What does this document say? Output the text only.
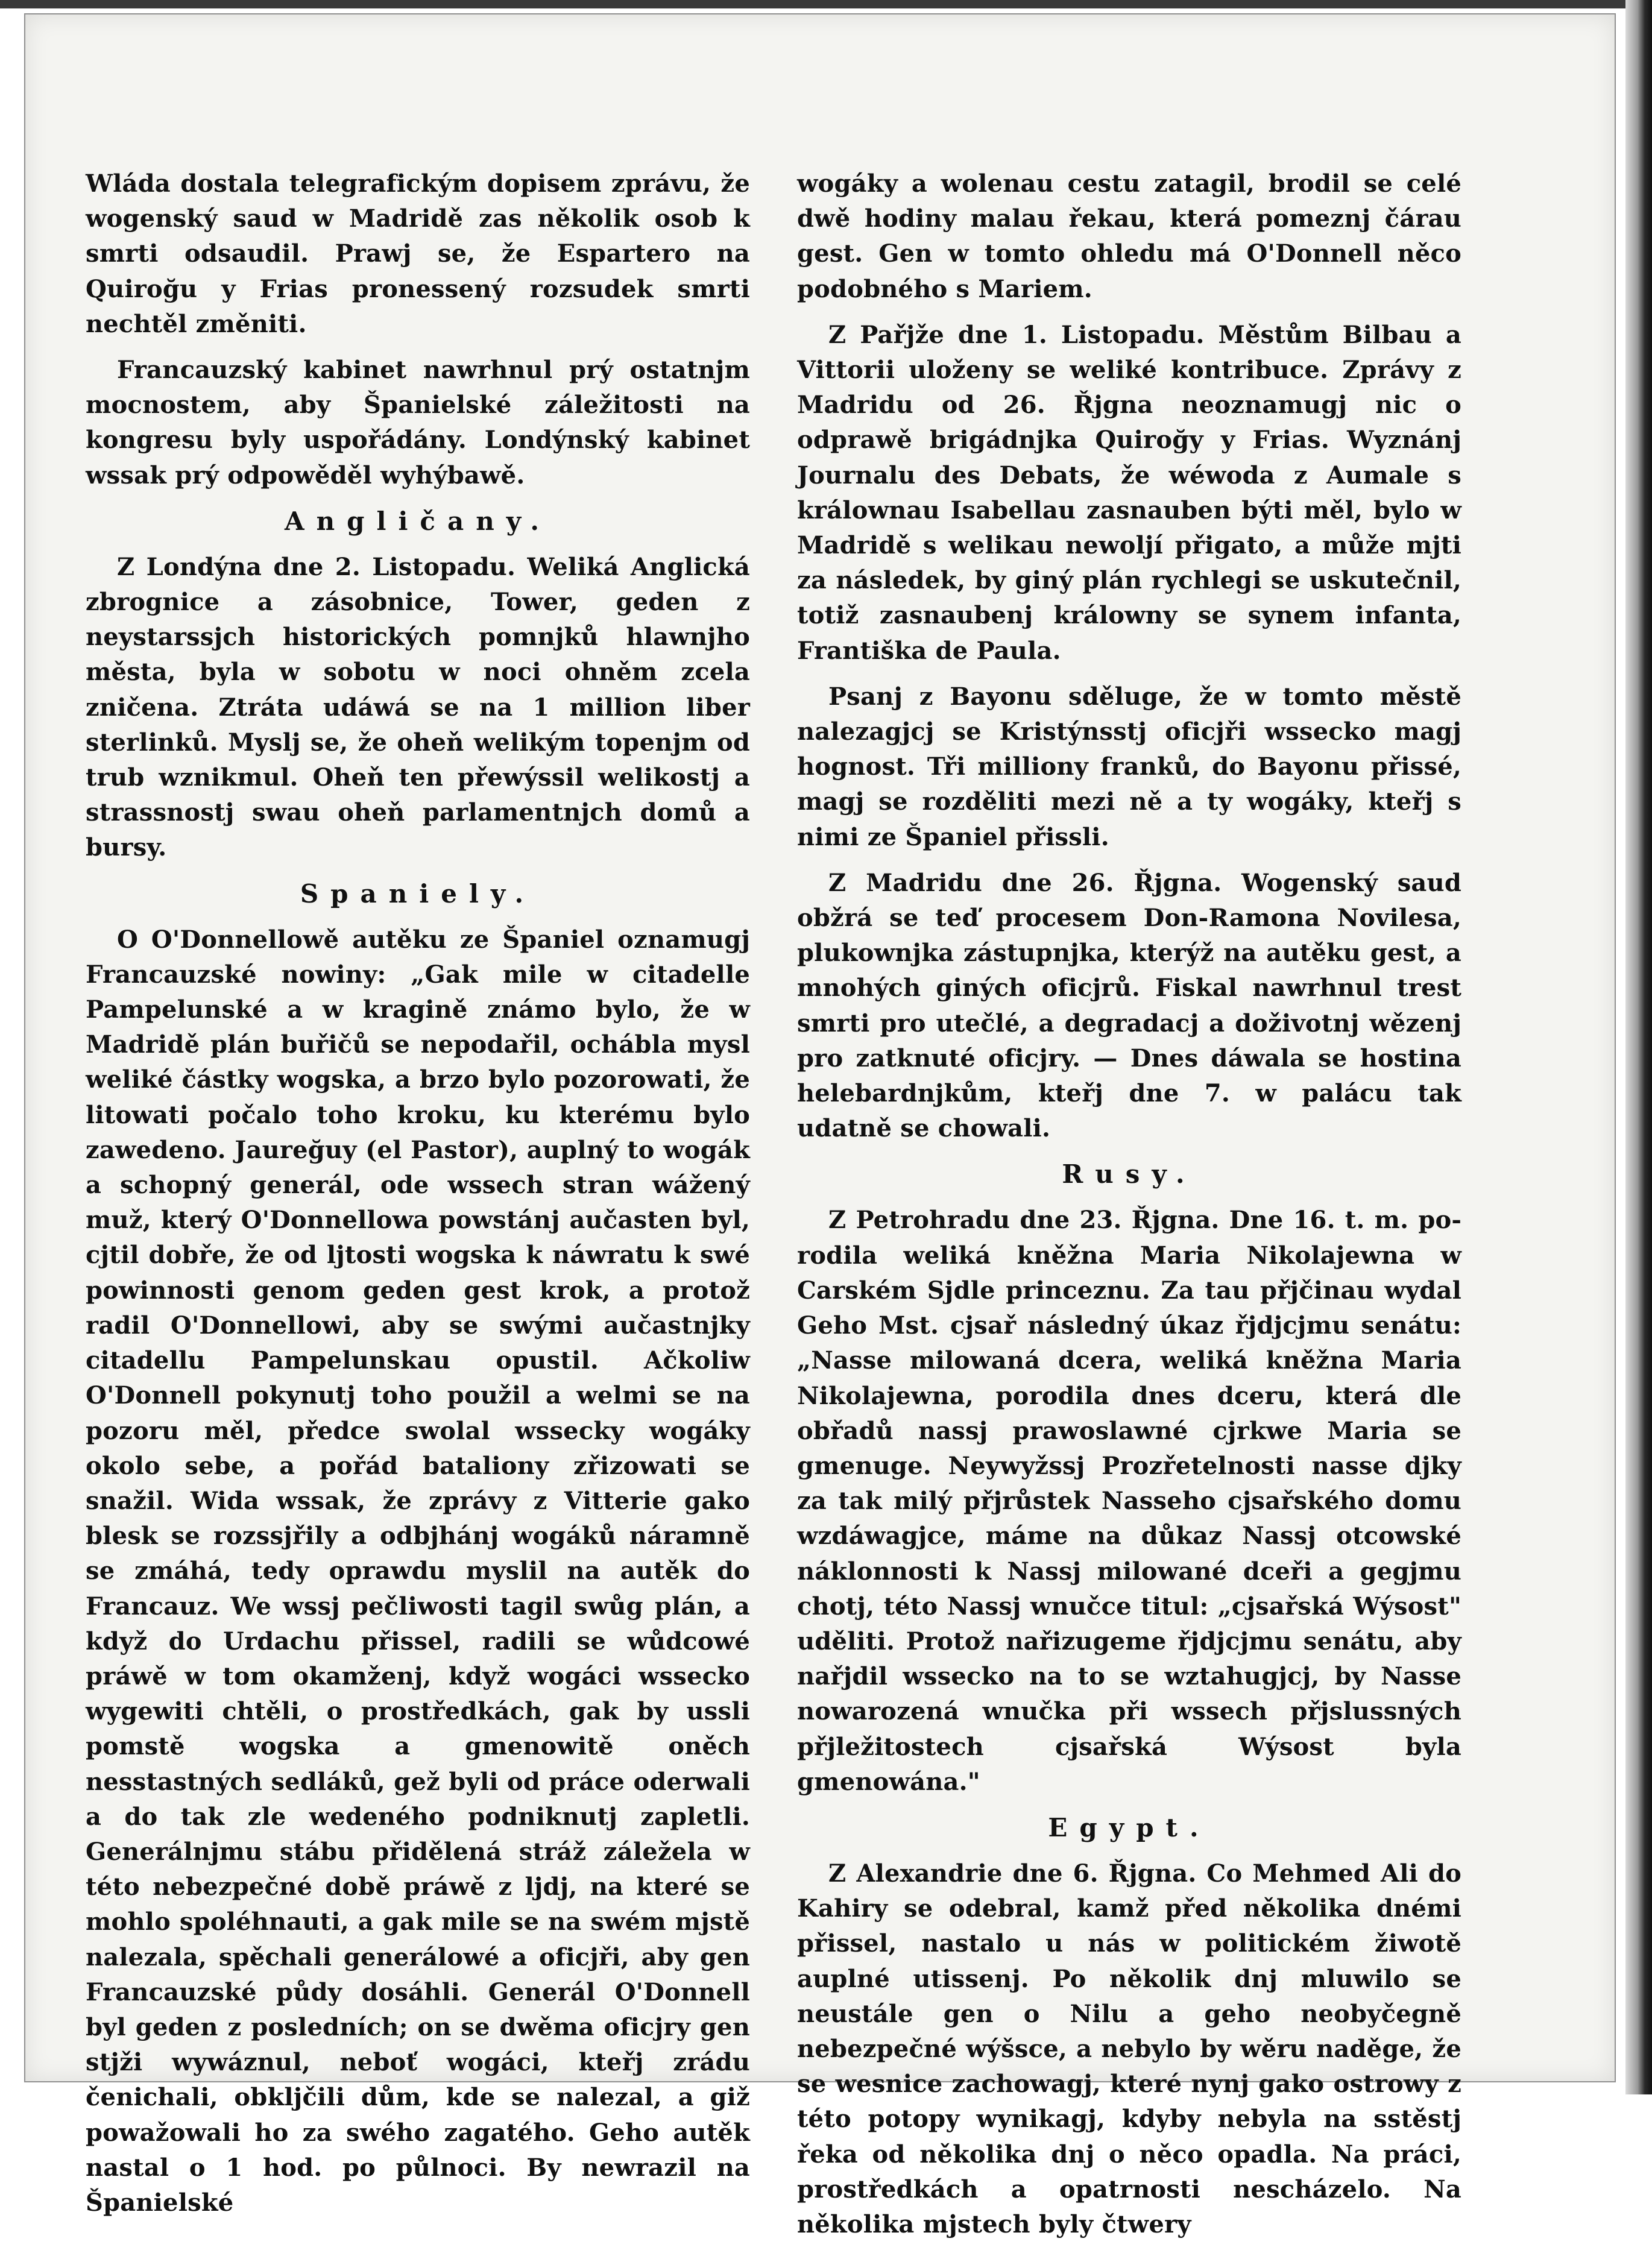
Wláda dostala telegrafickým dopisem zprávu, že wogenský saud w Madridě zas několik osob k smrti odsaudil. Prawj se, že Espartero na Quiroğu y Frias pronessený rozsudek smrti nechtěl změniti.

Francauzský kabinet nawrhnul prý ostatnjm mocnostem, aby Španielské záležitosti na kongresu byly uspořádány. Londýnský kabinet wssak prý odpowěděl wyhýbawě.

Angličany.

Z Londýna dne 2. Listopadu. Weliká Anglická zbrognice a zásobnice, Tower, geden z neystarssjch historických pomnjků hlawnjho města, byla w sobotu w noci ohněm zcela zničena. Ztráta udáwá se na 1 million liber sterlinků. Myslj se, že oheň welikým topenjm od trub wznikmul. Oheň ten přewýssil welikostj a strassnostj swau oheň parlamentnjch domů a bursy.

Spaniely.

O O'Donnellowě autěku ze Španiel oznamugj Francauzské nowiny: „Gak mile w citadelle Pampelunské a w kragině známo bylo, že w Madridě plán buřičů se nepodařil, ochábla mysl weliké částky wogska, a brzo bylo pozorowati, že litowati počalo toho kroku, ku kterému bylo zawedeno. Jaureğuy (el Pastor), auplný to wogák a schopný generál, ode wssech stran wážený muž, který O'Donnellowa powstánj aučasten byl, cjtil dobře, že od ljtosti wogska k náwratu k swé powinnosti genom geden gest krok, a protož radil O'Donnellowi, aby se swými aučastnjky citadellu Pampelunskau opustil. Ačkoliw O'Donnell pokynutj toho použil a welmi se na pozoru měl, předce swolal wssecky wogáky okolo sebe, a pořád bataliony zřizowati se snažil. Wida wssak, že zprávy z Vitterie gako blesk se rozssjřily a odbjhánj wogáků náramně se zmáhá, tedy oprawdu myslil na autěk do Francauz. We wssj pečliwosti tagil swůg plán, a když do Urdachu přissel, radili se wůdcowé práwě w tom okamženj, když wogáci wssecko wygewiti chtěli, o prostředkách, gak by ussli pomstě wogska a gmenowitě oněch nesstastných sedláků, gež byli od práce oderwali a do tak zle wedeného podniknutj zapletli. Generálnjmu stábu přidělená stráž záležela w této nebezpečné době práwě z ljdj, na které se mohlo spoléhnauti, a gak mile se na swém mjstě nalezala, spěchali generálowé a oficjři, aby gen Francauzské půdy dosáhli. Generál O'Donnell byl geden z posledních; on se dwěma oficjry gen stjži wywáznul, neboť wogáci, kteřj zrádu čenichali, obkljčili dům, kde se nalezal, a giž powažowali ho za swého zagatého. Geho autěk nastal o 1 hod. po půlnoci. By newrazil na Španielské

wogáky a wolenau cestu zatagil, brodil se celé dwě hodiny malau řekau, která pomeznj čárau gest. Gen w tomto ohledu má O'Donnell něco podobného s Mariem.

Z Pařjže dne 1. Listopadu. Městům Bilbau a Vittorii uloženy se weliké kontribuce. Zprávy z Madridu od 26. Řjgna neoznamugj nic o odprawě brigádnjka Quiroğy y Frias. Wyznánj Journalu des Debats, že wéwoda z Aumale s králownau Isabellau zasnauben býti měl, bylo w Madridě s welikau newoljí přigato, a může mjti za následek, by giný plán rychlegi se uskutečnil, totiž zasnaubenj králowny se synem infanta, Františka de Paula.

Psanj z Bayonu sděluge, že w tomto městě nalezagjcj se Kristýnsstj oficjři wssecko magj hognost. Tři milliony franků, do Bayonu přissé, magj se rozděliti mezi ně a ty wogáky, kteřj s nimi ze Španiel přissli.

Z Madridu dne 26. Řjgna. Wogenský saud obžrá se teď procesem Don-Ramona Novilesa, plukownjka zástupnjka, kterýž na autěku gest, a mnohých giných oficjrů. Fiskal nawrhnul trest smrti pro utečlé, a degradacj a doživotnj wězenj pro zatknuté oficjry. — Dnes dáwala se hostina helebardnjkům, kteřj dne 7. w palácu tak udatně se chowali.

Rusy.

Z Petrohradu dne 23. Řjgna. Dne 16. t. m. porodila weliká kněžna Maria Nikolajewna w Carském Sjdle princeznu. Za tau přjčinau wydal Geho Mst. cjsař následný úkaz řjdjcjmu senátu: „Nasse milowaná dcera, weliká kněžna Maria Nikolajewna, porodila dnes dceru, která dle obřadů nassj prawoslawné cjrkwe Maria se gmenuge. Neywyžssj Prozřetelnosti nasse djky za tak milý přjrůstek Nasseho cjsařského domu wzdáwagjce, máme na důkaz Nassj otcowské náklonnosti k Nassj milowané dceři a gegjmu chotj, této Nassj wnučce titul: „cjsařská Wýsost" uděliti. Protož nařizugeme řjdjcjmu senátu, aby nařjdil wssecko na to se wztahugjcj, by Nasse nowarozená wnučka při wssech přjslussných přjležitostech cjsařská Wýsost byla gmenowána."

Egypt.

Z Alexandrie dne 6. Řjgna. Co Mehmed Ali do Kahiry se odebral, kamž před několika dnémi přissel, nastalo u nás w politickém žiwotě auplné utissenj. Po několik dnj mluwilo se neustále gen o Nilu a geho neobyčegně nebezpečné wýšsce, a nebylo by wěru naděge, že se wesnice zachowagj, které nynj gako ostrowy z této potopy wynikagj, kdyby nebyla na sstěstj řeka od několika dnj o něco opadla. Na práci, prostředkách a opatrnosti nescházelo. Na několika mjstech byly čtwery
